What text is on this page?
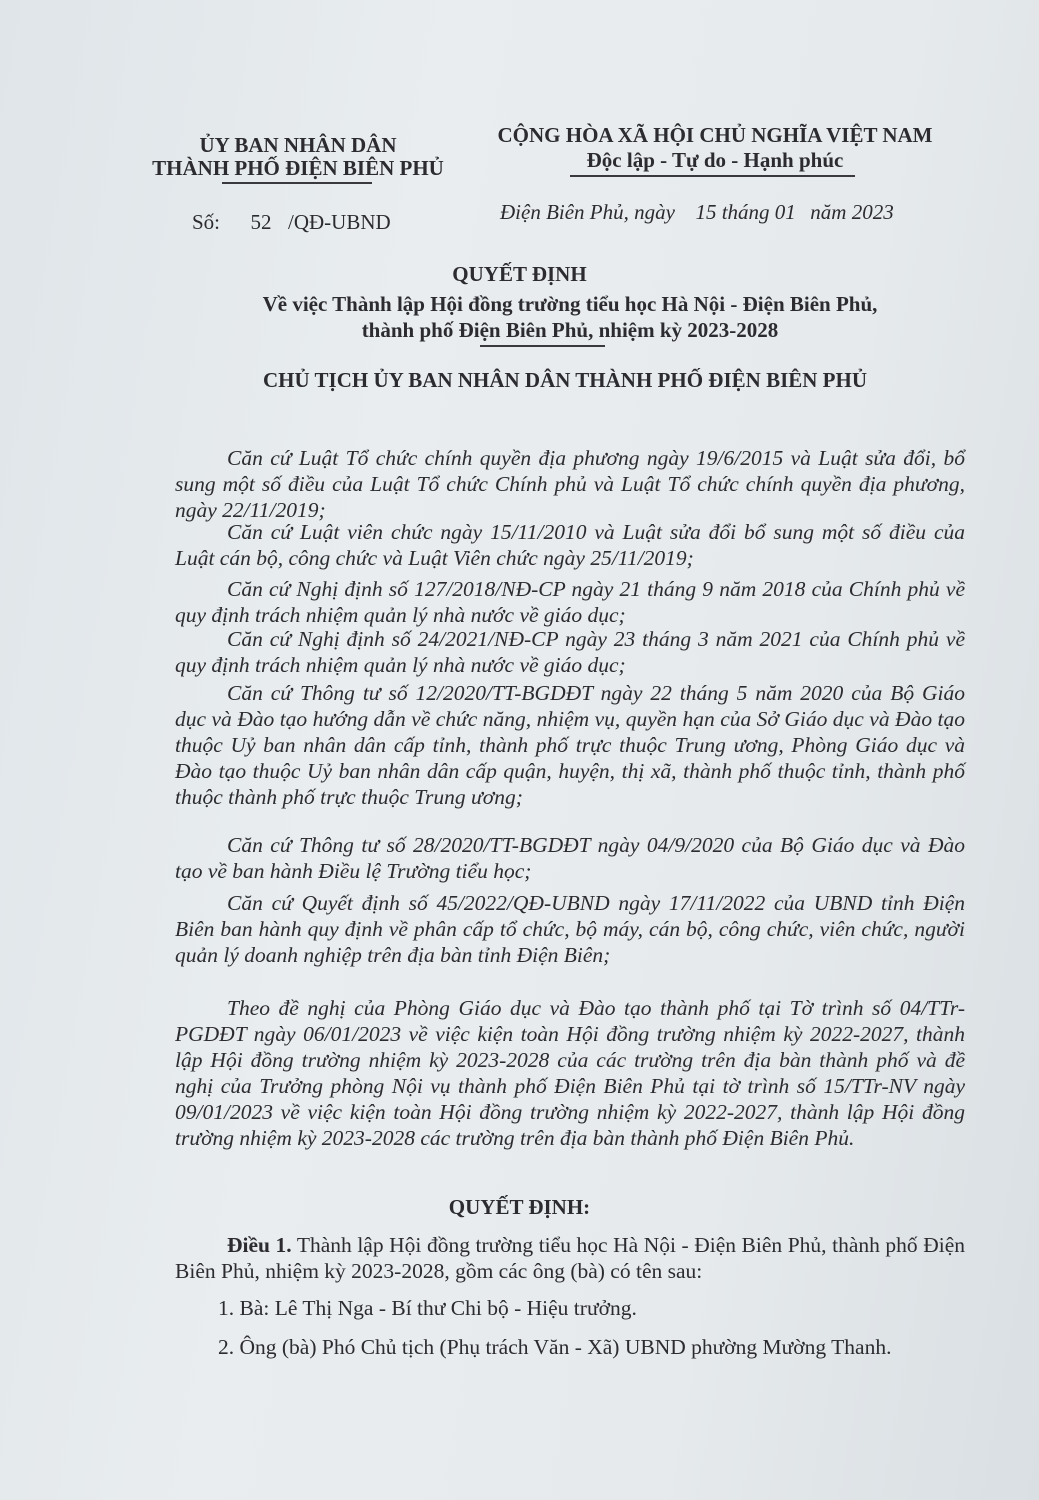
ỦY BAN NHÂN DÂN
THÀNH PHỐ ĐIỆN BIÊN PHỦ
CỘNG HÒA XÃ HỘI CHỦ NGHĨA VIỆT NAM
Độc lập - Tự do - Hạnh phúc
Số: 52 /QĐ-UBND	Điện Biên Phủ, ngày 15 tháng 01 năm 2023
QUYẾT ĐỊNH
Về việc Thành lập Hội đồng trường tiểu học Hà Nội - Điện Biên Phủ,
thành phố Điện Biên Phủ, nhiệm kỳ 2023-2028
CHỦ TỊCH ỦY BAN NHÂN DÂN THÀNH PHỐ ĐIỆN BIÊN PHỦ
Căn cứ Luật Tổ chức chính quyền địa phương ngày 19/6/2015 và Luật sửa đổi, bổ sung một số điều của Luật Tổ chức Chính phủ và Luật Tổ chức chính quyền địa phương, ngày 22/11/2019;
Căn cứ Luật viên chức ngày 15/11/2010 và Luật sửa đổi bổ sung một số điều của Luật cán bộ, công chức và Luật Viên chức ngày 25/11/2019;
Căn cứ Nghị định số 127/2018/NĐ-CP ngày 21 tháng 9 năm 2018 của Chính phủ về quy định trách nhiệm quản lý nhà nước về giáo dục;
Căn cứ Nghị định số 24/2021/NĐ-CP ngày 23 tháng 3 năm 2021 của Chính phủ về quy định trách nhiệm quản lý nhà nước về giáo dục;
Căn cứ Thông tư số 12/2020/TT-BGDĐT ngày 22 tháng 5 năm 2020 của Bộ Giáo dục và Đào tạo hướng dẫn về chức năng, nhiệm vụ, quyền hạn của Sở Giáo dục và Đào tạo thuộc Uỷ ban nhân dân cấp tỉnh, thành phố trực thuộc Trung ương, Phòng Giáo dục và Đào tạo thuộc Uỷ ban nhân dân cấp quận, huyện, thị xã, thành phố thuộc tỉnh, thành phố thuộc thành phố trực thuộc Trung ương;
Căn cứ Thông tư số 28/2020/TT-BGDĐT ngày 04/9/2020 của Bộ Giáo dục và Đào tạo về ban hành Điều lệ Trường tiểu học;
Căn cứ Quyết định số 45/2022/QĐ-UBND ngày 17/11/2022 của UBND tỉnh Điện Biên ban hành quy định về phân cấp tổ chức, bộ máy, cán bộ, công chức, viên chức, người quản lý doanh nghiệp trên địa bàn tỉnh Điện Biên;
Theo đề nghị của Phòng Giáo dục và Đào tạo thành phố tại Tờ trình số 04/TTr-PGDĐT ngày 06/01/2023 về việc kiện toàn Hội đồng trường nhiệm kỳ 2022-2027, thành lập Hội đồng trường nhiệm kỳ 2023-2028 của các trường trên địa bàn thành phố và đề nghị của Trưởng phòng Nội vụ thành phố Điện Biên Phủ tại tờ trình số 15/TTr-NV ngày 09/01/2023 về việc kiện toàn Hội đồng trường nhiệm kỳ 2022-2027, thành lập Hội đồng trường nhiệm kỳ 2023-2028 các trường trên địa bàn thành phố Điện Biên Phủ.
QUYẾT ĐỊNH:
Điều 1. Thành lập Hội đồng trường tiểu học Hà Nội - Điện Biên Phủ, thành phố Điện Biên Phủ, nhiệm kỳ 2023-2028, gồm các ông (bà) có tên sau:
1. Bà: Lê Thị Nga - Bí thư Chi bộ - Hiệu trưởng.
2. Ông (bà) Phó Chủ tịch (Phụ trách Văn - Xã) UBND phường Mường Thanh.
